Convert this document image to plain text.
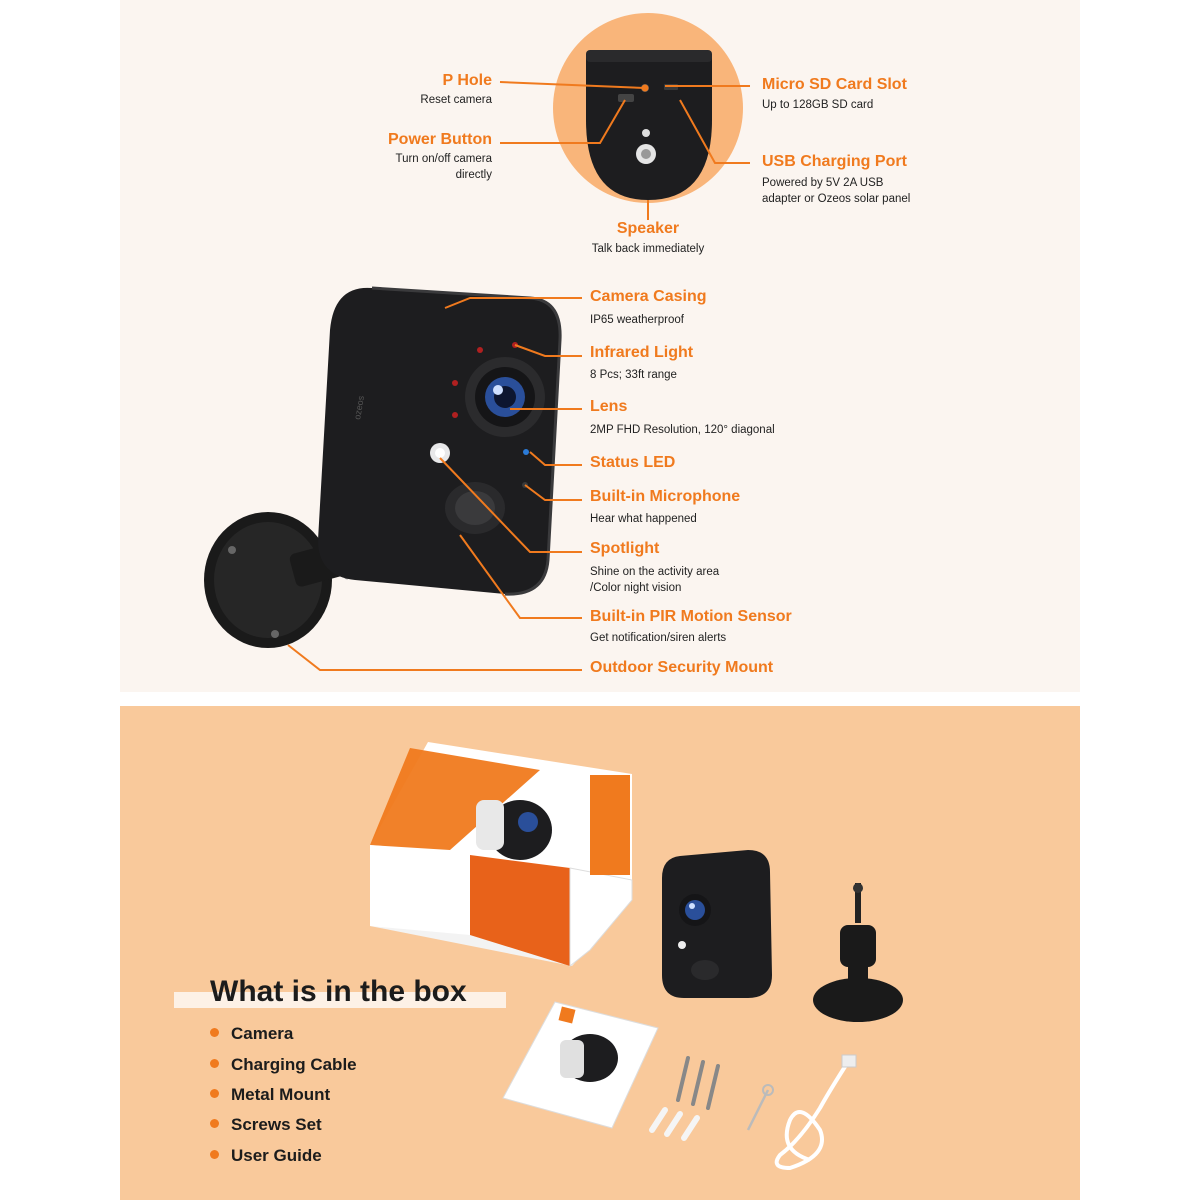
ozeos
P Hole
Reset camera
Power Button
Turn on/off camera
directly
Micro SD Card Slot
Up to 128GB SD card
USB Charging Port
Powered by 5V 2A USB
adapter or Ozeos solar panel
Speaker
Talk back immediately
Camera Casing
IP65 weatherproof
Infrared Light
8 Pcs; 33ft range
Lens
2MP FHD Resolution, 120° diagonal
Status LED
Built-in Microphone
Hear what happened
Spotlight
Shine on the activity area
/Color night vision
Built-in PIR Motion Sensor
Get notification/siren alerts
Outdoor Security Mount
What is in the box
Camera
Charging Cable
Metal Mount
Screws Set
User Guide
ozeos
